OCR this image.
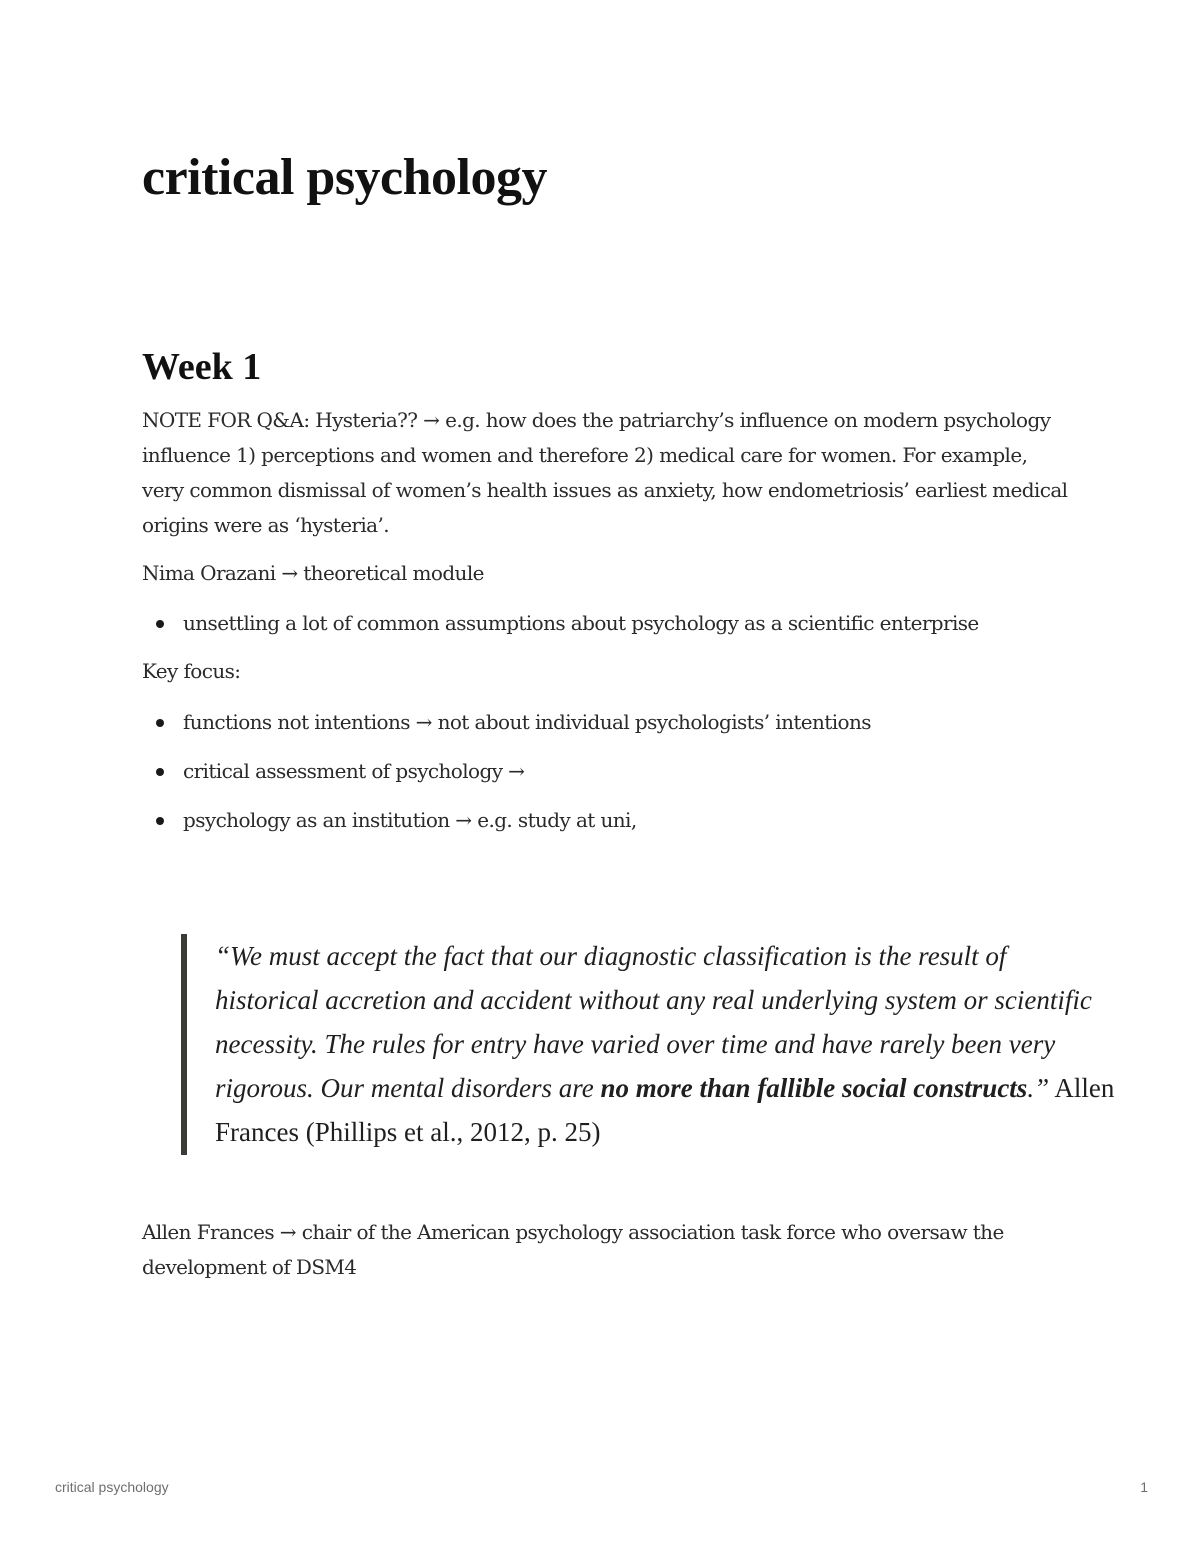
critical psychology
Week 1

NOTE FOR Q&A: Hysteria?? → e.g. how does the patriarchy’s influence on modern psychology influence 1) perceptions and women and therefore 2) medical care for women. For example, very common dismissal of women’s health issues as anxiety, how endometriosis’ earliest medical origins were as ‘hysteria’.

Nima Orazani → theoretical module

unsettling a lot of common assumptions about psychology as a scientific enterprise

Key focus:

functions not intentions → not about individual psychologists’ intentions
critical assessment of psychology →
psychology as an institution → e.g. study at uni,

“We must accept the fact that our diagnostic classification is the result of historical accretion and accident without any real underlying system or scientific necessity. The rules for entry have varied over time and have rarely been very rigorous. Our mental disorders are no more than fallible social constructs.” Allen Frances (Phillips et al., 2012, p. 25)

Allen Frances → chair of the American psychology association task force who oversaw the development of DSM4

critical psychology	1
